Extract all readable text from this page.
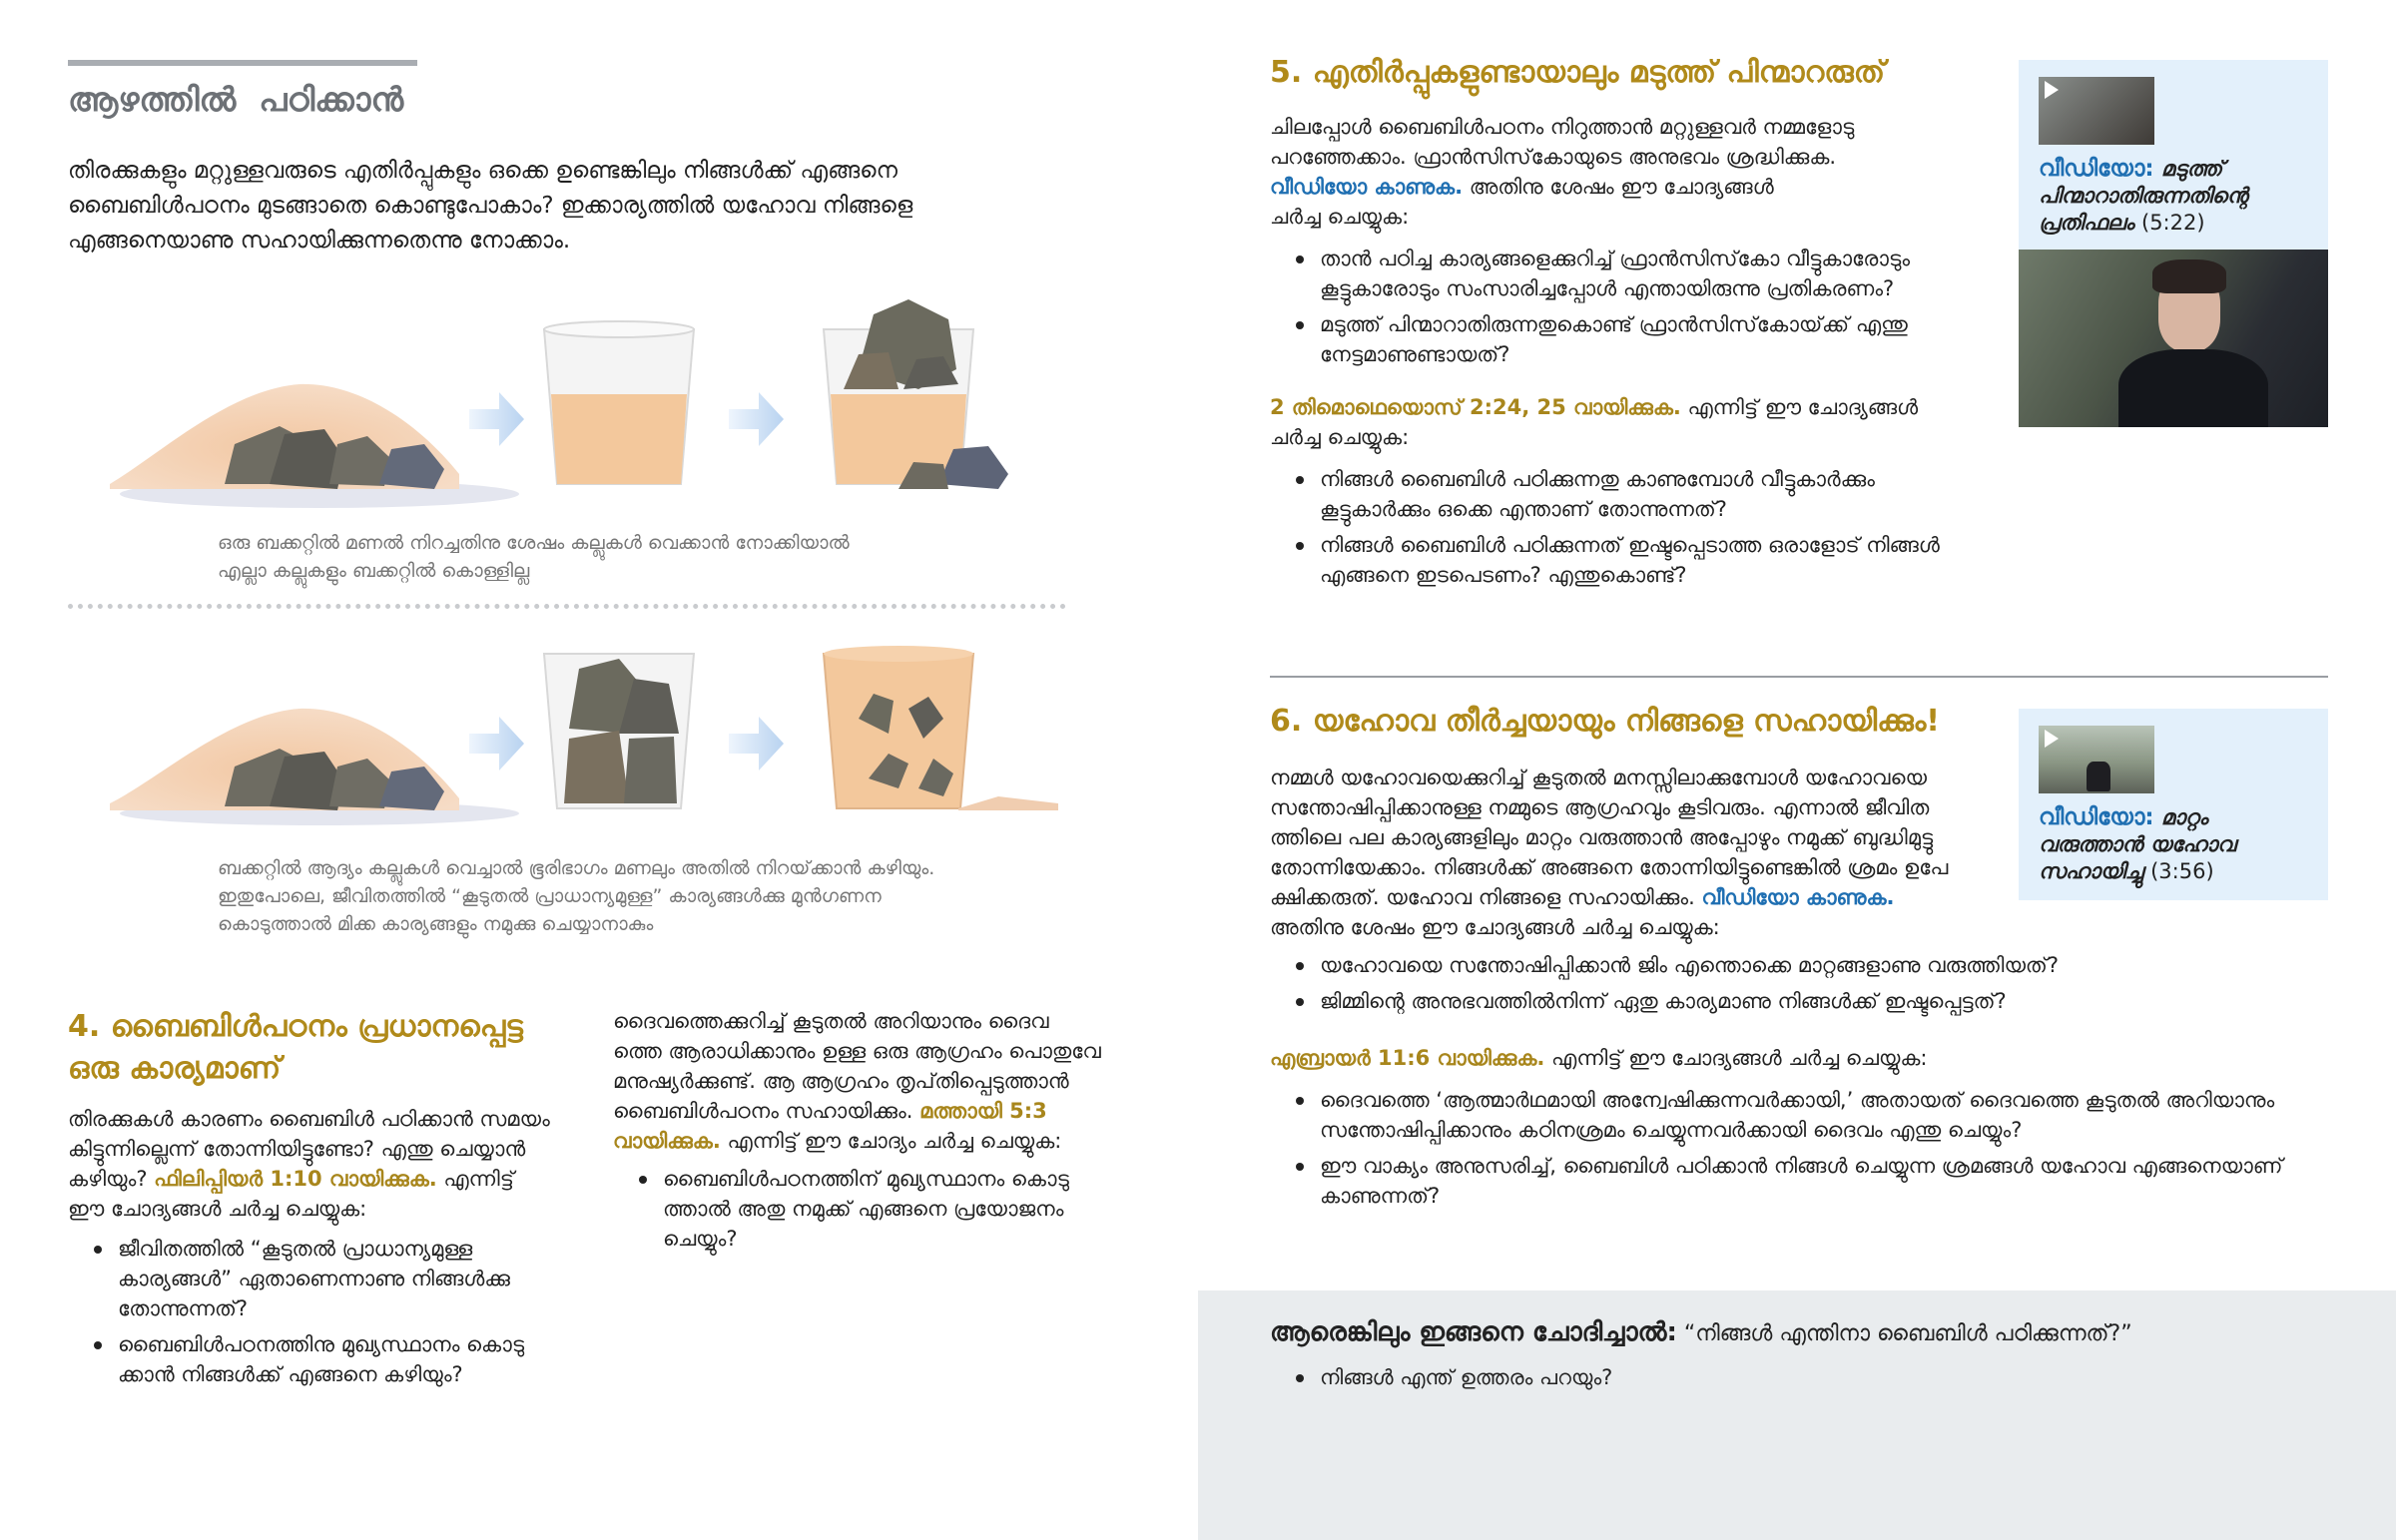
ആഴത്തിൽ  പഠിക്കാൻ
തിരക്കുകളും മറ്റുള്ളവരുടെ എതിർപ്പുകളും ഒക്കെ ഉണ്ടെങ്കിലും നിങ്ങൾക്ക് എങ്ങനെ
ബൈബിൾപഠനം മുടങ്ങാതെ കൊണ്ടുപോകാം? ഇക്കാര്യത്തിൽ യഹോവ നിങ്ങളെ
എങ്ങനെയാണു സഹായിക്കുന്നതെന്നു നോക്കാം.
ഒരു ബക്കറ്റിൽ മണൽ നിറച്ചതിനു ശേഷം കല്ലുകൾ വെക്കാൻ നോക്കിയാൽ
എല്ലാ കല്ലുകളും ബക്കറ്റിൽ കൊള്ളില്ല
ബക്കറ്റിൽ ആദ്യം കല്ലുകൾ വെച്ചാൽ ഭൂരിഭാഗം മണലും അതിൽ നിറയ്‌ക്കാൻ കഴിയും.
ഇതുപോലെ, ജീവിതത്തിൽ “കൂടുതൽ പ്രാധാന്യമുള്ള” കാര്യങ്ങൾക്കു മുൻഗണന
കൊടുത്താൽ മിക്ക കാര്യങ്ങളും നമുക്കു ചെയ്യാനാകും
4. ബൈബിൾപഠനം പ്രധാനപ്പെട്ട
ഒരു കാര്യമാണ്‌
തിരക്കുകൾ കാരണം ബൈബിൾ പഠിക്കാൻ സമയം
കിട്ടുന്നില്ലെന്ന് തോന്നിയിട്ടുണ്ടോ? എന്തു ചെയ്യാൻ
കഴിയും? ഫിലിപ്പിയർ 1:10 വായിക്കുക. എന്നിട്ട്
ഈ ചോദ്യങ്ങൾ ചർച്ച ചെയ്യുക:
ജീവിതത്തിൽ “കൂടുതൽ പ്രാധാന്യമുള്ള
കാര്യങ്ങൾ” ഏതാണെന്നാണു നിങ്ങൾക്കു
തോന്നുന്നത്‌?
ബൈബിൾപഠനത്തിനു മുഖ്യസ്ഥാനം കൊടു
ക്കാൻ നിങ്ങൾക്ക് എങ്ങനെ കഴിയും?
ദൈവത്തെക്കുറിച്ച് കൂടുതൽ അറിയാനും ദൈവ
ത്തെ ആരാധിക്കാനും ഉള്ള ഒരു ആഗ്രഹം പൊതുവേ
മനുഷ്യർക്കുണ്ട്. ആ ആഗ്രഹം തൃപ്‌തിപ്പെടുത്താൻ
ബൈബിൾപഠനം സഹായിക്കും. മത്തായി 5:3
വായിക്കുക. എന്നിട്ട് ഈ ചോദ്യം ചർച്ച ചെയ്യുക:
ബൈബിൾപഠനത്തിന്‌ മുഖ്യസ്ഥാനം കൊടു
ത്താൽ അതു നമുക്ക് എങ്ങനെ പ്രയോജനം
ചെയ്യും?
5. എതിർപ്പുകളുണ്ടായാലും മടുത്ത് പിന്മാറരുത്‌
ചിലപ്പോൾ ബൈബിൾപഠനം നിറുത്താൻ മറ്റുള്ളവർ നമ്മളോടു
പറഞ്ഞേക്കാം. ഫ്രാൻസിസ്‌കോയുടെ അനുഭവം ശ്രദ്ധിക്കുക.
വീഡിയോ കാണുക. അതിനു ശേഷം ഈ ചോദ്യങ്ങൾ
ചർച്ച ചെയ്യുക:
താൻ പഠിച്ച കാര്യങ്ങളെക്കുറിച്ച് ഫ്രാൻസിസ്‌കോ വീട്ടുകാരോടും
കൂട്ടുകാരോടും സംസാരിച്ചപ്പോൾ എന്തായിരുന്നു പ്രതികരണം?
മടുത്ത് പിന്മാറാതിരുന്നതുകൊണ്ട് ഫ്രാൻസിസ്‌കോയ്‌ക്ക് എന്തു
നേട്ടമാണുണ്ടായത്‌?
2 തിമൊഥെയൊസ്‌ 2:24, 25 വായിക്കുക. എന്നിട്ട് ഈ ചോദ്യങ്ങൾ
ചർച്ച ചെയ്യുക:
നിങ്ങൾ ബൈബിൾ പഠിക്കുന്നതു കാണുമ്പോൾ വീട്ടുകാർക്കും
കൂട്ടുകാർക്കും ഒക്കെ എന്താണ്‌ തോന്നുന്നത്‌?
നിങ്ങൾ ബൈബിൾ പഠിക്കുന്നത്‌ ഇഷ്ടപ്പെടാത്ത ഒരാളോട്‌ നിങ്ങൾ
എങ്ങനെ ഇടപെടണം? എന്തുകൊണ്ട്?
വീഡിയോ: മടുത്ത്
പിന്മാറാതിരുന്നതിന്റെ
പ്രതിഫലം (5:22)
6. യഹോവ തീർച്ചയായും നിങ്ങളെ സഹായിക്കും!
നമ്മൾ യഹോവയെക്കുറിച്ച് കൂടുതൽ മനസ്സിലാക്കുമ്പോൾ യഹോവയെ
സന്തോഷിപ്പിക്കാനുള്ള നമ്മുടെ ആഗ്രഹവും കൂടിവരും. എന്നാൽ ജീവിത
ത്തിലെ പല കാര്യങ്ങളിലും മാറ്റം വരുത്താൻ അപ്പോഴും നമുക്ക് ബുദ്ധിമുട്ടു
തോന്നിയേക്കാം. നിങ്ങൾക്ക് അങ്ങനെ തോന്നിയിട്ടുണ്ടെങ്കിൽ ശ്രമം ഉപേ
ക്ഷിക്കരുത്‌. യഹോവ നിങ്ങളെ സഹായിക്കും. വീഡിയോ കാണുക.
അതിനു ശേഷം ഈ ചോദ്യങ്ങൾ ചർച്ച ചെയ്യുക:
യഹോവയെ സന്തോഷിപ്പിക്കാൻ ജിം എന്തൊക്കെ മാറ്റങ്ങളാണു വരുത്തിയത്‌?
ജിമ്മിന്റെ അനുഭവത്തിൽനിന്ന് ഏതു കാര്യമാണു നിങ്ങൾക്ക് ഇഷ്ടപ്പെട്ടത്‌?
എബ്രായർ 11:6 വായിക്കുക. എന്നിട്ട് ഈ ചോദ്യങ്ങൾ ചർച്ച ചെയ്യുക:
ദൈവത്തെ ‘ആത്മാർഥമായി അന്വേഷിക്കുന്നവർക്കായി,’ അതായത്‌ ദൈവത്തെ കൂടുതൽ അറിയാനും
സന്തോഷിപ്പിക്കാനും കഠിനശ്രമം ചെയ്യുന്നവർക്കായി ദൈവം എന്തു ചെയ്യും?
ഈ വാക്യം അനുസരിച്ച്, ബൈബിൾ പഠിക്കാൻ നിങ്ങൾ ചെയ്യുന്ന ശ്രമങ്ങൾ യഹോവ എങ്ങനെയാണ്‌
കാണുന്നത്‌?
വീഡിയോ: മാറ്റം
വരുത്താൻ യഹോവ
സഹായിച്ചു (3:56)
ആരെങ്കിലും ഇങ്ങനെ ചോദിച്ചാൽ: “നിങ്ങൾ എന്തിനാ ബൈബിൾ പഠിക്കുന്നത്‌?”
നിങ്ങൾ എന്ത്‌ ഉത്തരം പറയും?
